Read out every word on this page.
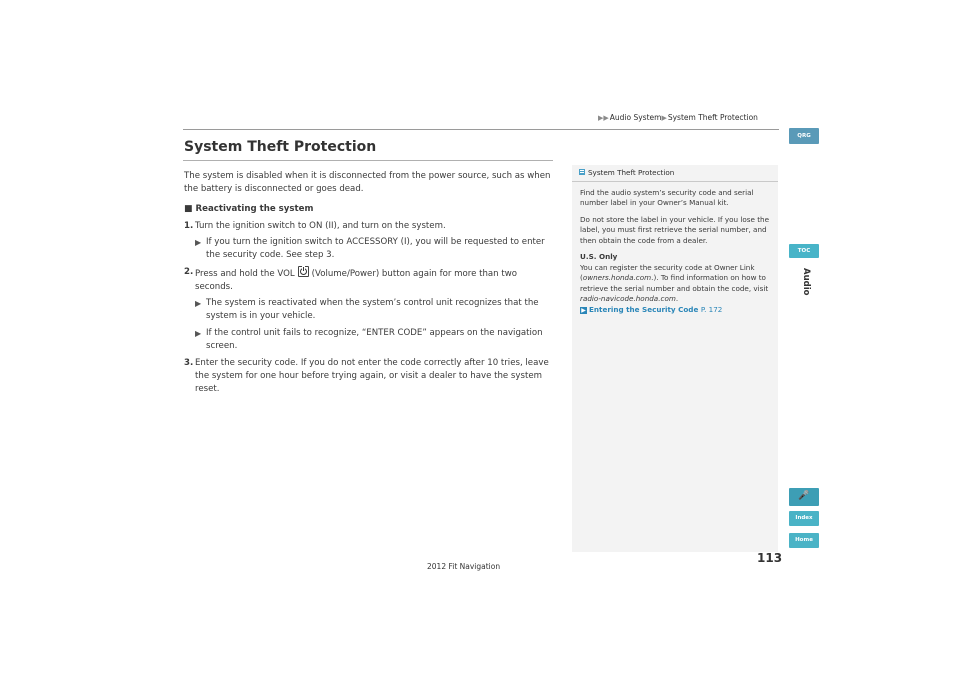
▶▶Audio System▶System Theft Protection
System Theft Protection

The system is disabled when it is disconnected from the power source, such as when the battery is disconnected or goes dead.

■ Reactivating the system

1. Turn the ignition switch to ON (II), and turn on the system.
▶ If you turn the ignition switch to ACCESSORY (I), you will be requested to enter the security code. See step 3.
2. Press and hold the VOL (Volume/Power) button again for more than two seconds.
▶ The system is reactivated when the system’s control unit recognizes that the system is in your vehicle.
▶ If the control unit fails to recognize, “ENTER CODE” appears on the navigation screen.
3. Enter the security code. If you do not enter the code correctly after 10 tries, leave the system for one hour before trying again, or visit a dealer to have the system reset.
System Theft Protection

Find the audio system’s security code and serial number label in your Owner’s Manual kit.

Do not store the label in your vehicle. If you lose the label, you must first retrieve the serial number, and then obtain the code from a dealer.

U.S. Only

You can register the security code at Owner Link (owners.honda.com.). To find information on how to retrieve the serial number and obtain the code, visit radio-navicode.honda.com.
▶ Entering the Security Code P. 172

QRG
TOC
Audio
🎤
Index
Home
113
2012 Fit Navigation
